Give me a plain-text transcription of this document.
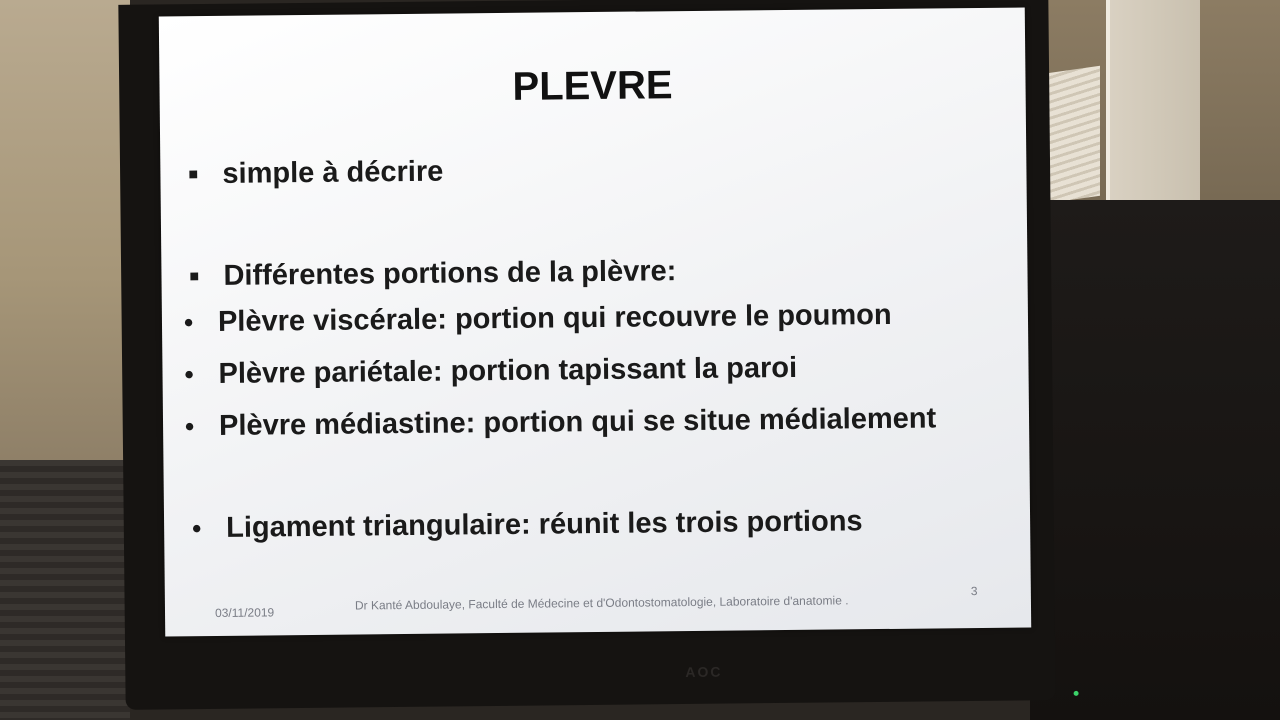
AOC
PLEVRE
■ simple à décrire
■ Différentes portions de la plèvre:
• Plèvre viscérale: portion qui recouvre le poumon
• Plèvre pariétale: portion tapissant la paroi
• Plèvre médiastine: portion qui se situe médialement
• Ligament triangulaire: réunit les trois portions
03/11/2019
Dr Kanté Abdoulaye, Faculté de Médecine et d'Odontostomatologie, Laboratoire d'anatomie .
3
